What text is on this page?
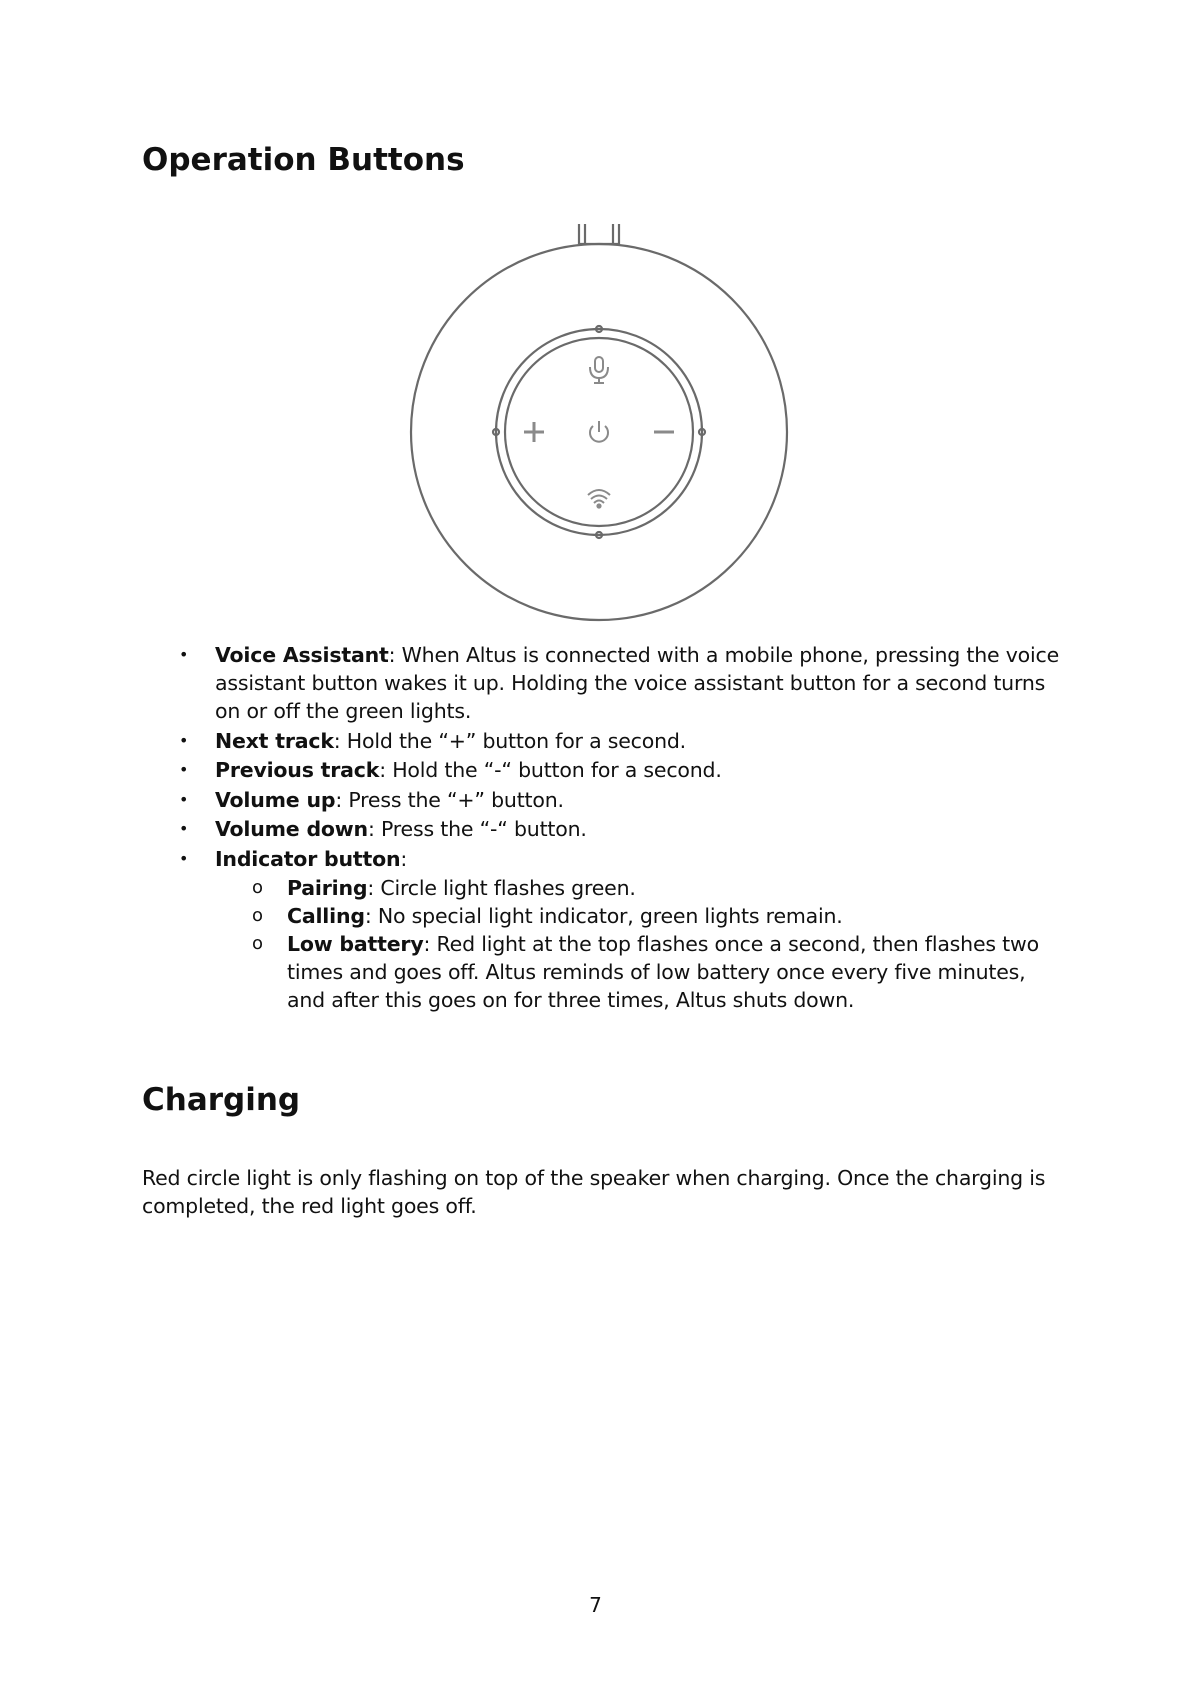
Operation Buttons
• Voice Assistant: When Altus is connected with a mobile phone, pressing the voice assistant button wakes it up. Holding the voice assistant button for a second turns on or off the green lights.
• Next track: Hold the “+” button for a second.
• Previous track: Hold the “-“ button for a second.
• Volume up: Press the “+” button.
• Volume down: Press the “-“ button.
• Indicator button:
o Pairing: Circle light flashes green.
o Calling: No special light indicator, green lights remain.
o Low battery: Red light at the top flashes once a second, then flashes two times and goes off. Altus reminds of low battery once every five minutes, and after this goes on for three times, Altus shuts down.
Charging

Red circle light is only flashing on top of the speaker when charging. Once the charging is completed, the red light goes off.

7
